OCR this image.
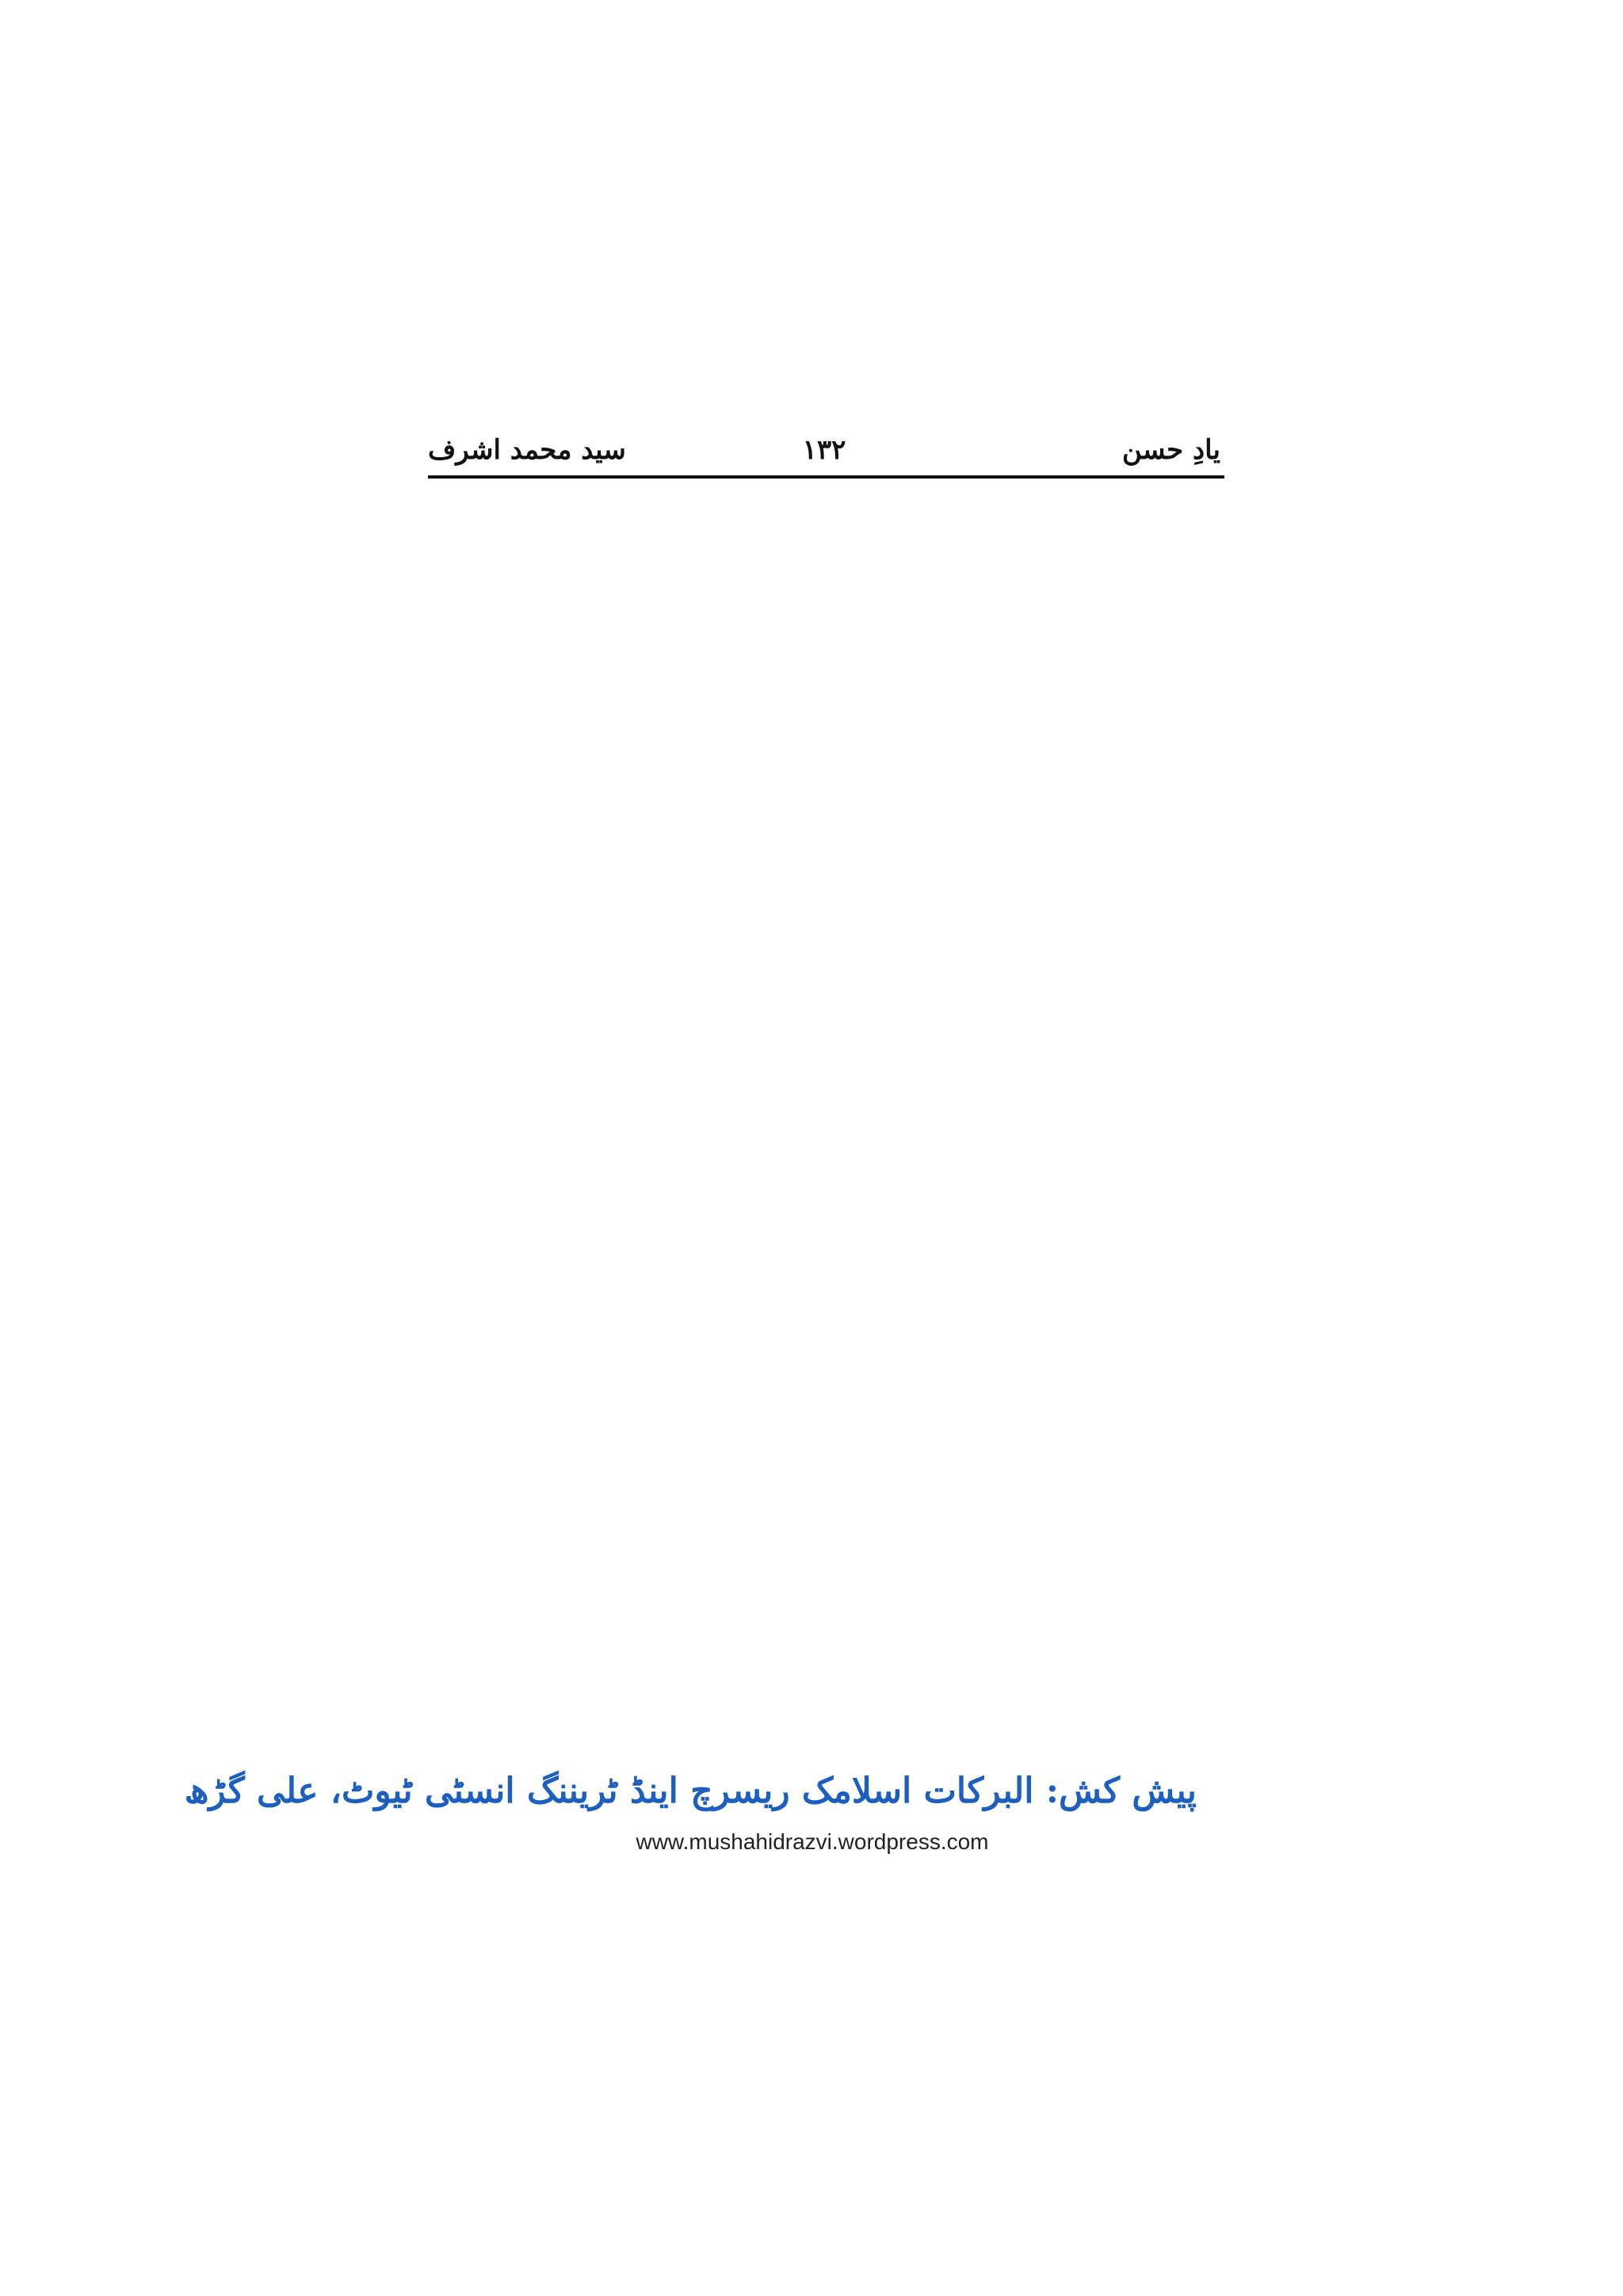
یادِ حسن
۱۳۲
سید محمد اشرف
پیش کش: البرکات اسلامک ریسرچ اینڈ ٹریننگ انسٹی ٹیوٹ، علی گڑھ
www.mushahidrazvi.wordpress.com
